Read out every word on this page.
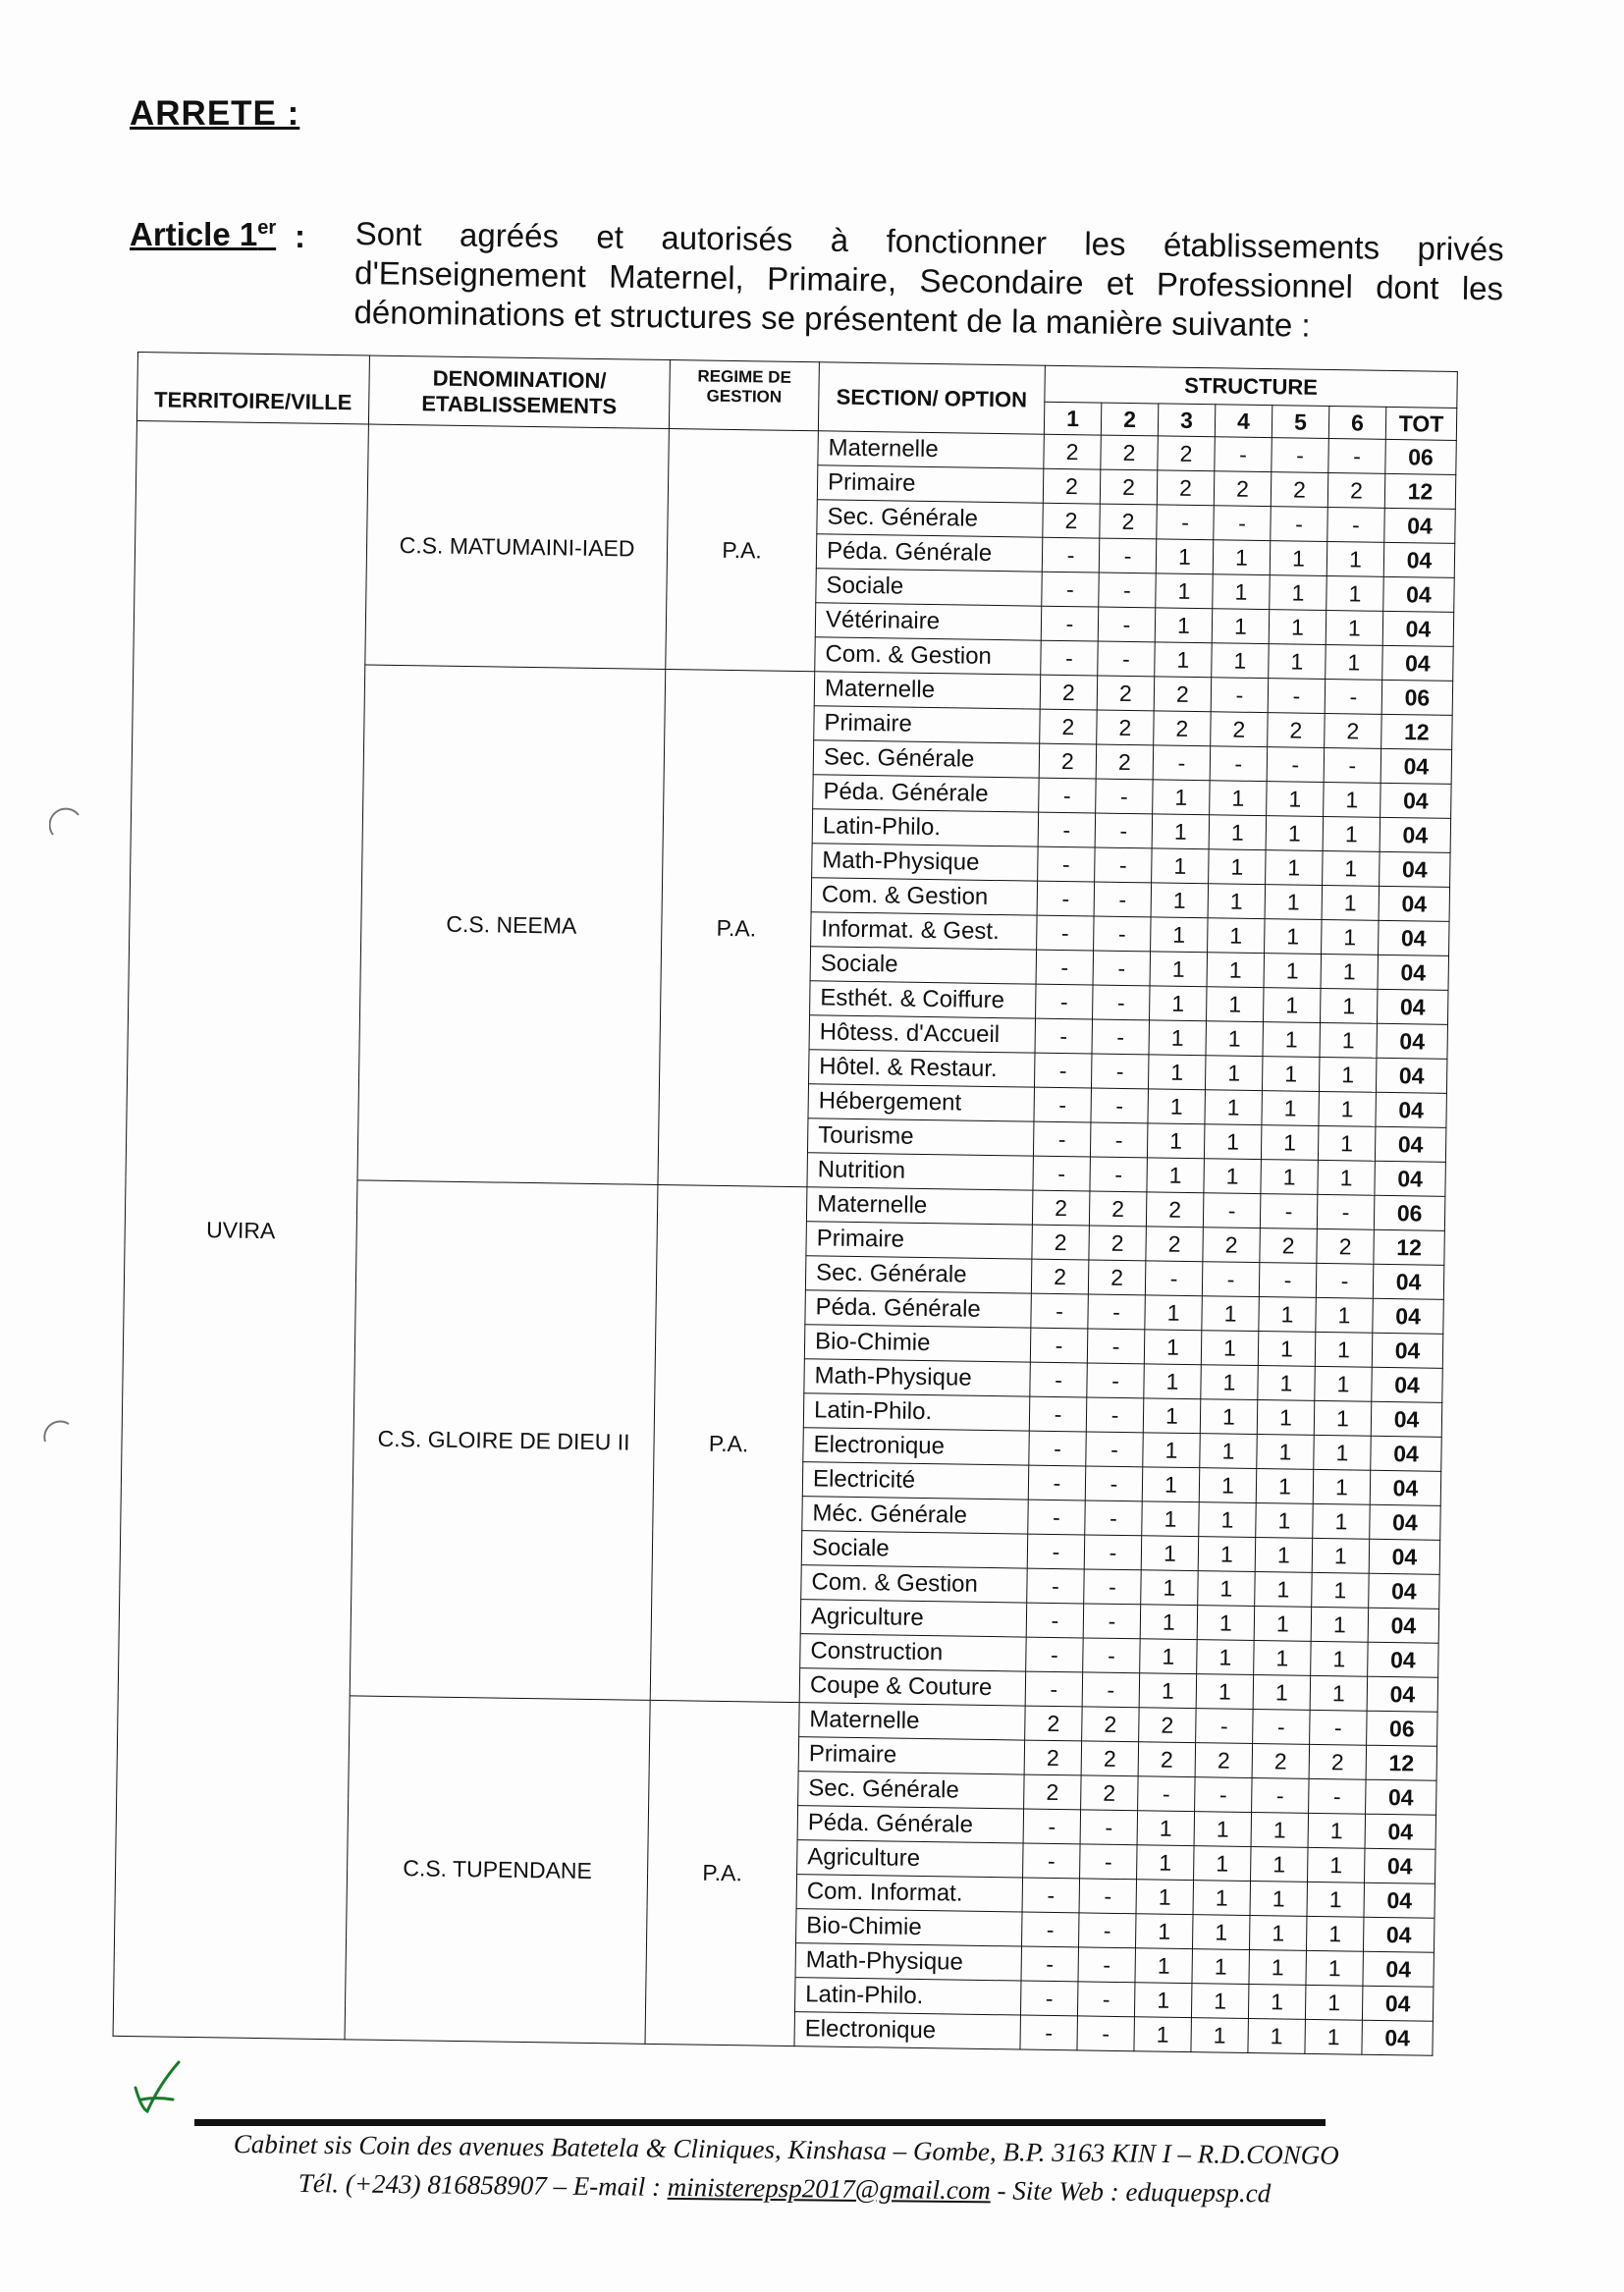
ARRETE :
Article 1er : Sont agréés et autorisés à fonctionner les établissements privés d'Enseignement Maternel, Primaire, Secondaire et Professionnel dont les dénominations et structures se présentent de la manière suivante :
TERRITOIRE/VILLE	DENOMINATION/ ETABLISSEMENTS	REGIME DE GESTION	SECTION/ OPTION	STRUCTURE						
				1	2	3	4	5	6	TOT
UVIRA	C.S. MATUMAINI-IAED	P.A.	Maternelle	2	2	2	-	-	-	06
			Primaire	2	2	2	2	2	2	12
			Sec. Générale	2	2	-	-	-	-	04
			Péda. Générale	-	-	1	1	1	1	04
			Sociale	-	-	1	1	1	1	04
			Vétérinaire	-	-	1	1	1	1	04
			Com. & Gestion	-	-	1	1	1	1	04
	C.S. NEEMA	P.A.	Maternelle	2	2	2	-	-	-	06
			Primaire	2	2	2	2	2	2	12
			Sec. Générale	2	2	-	-	-	-	04
			Péda. Générale	-	-	1	1	1	1	04
			Latin-Philo.	-	-	1	1	1	1	04
			Math-Physique	-	-	1	1	1	1	04
			Com. & Gestion	-	-	1	1	1	1	04
			Informat. & Gest.	-	-	1	1	1	1	04
			Sociale	-	-	1	1	1	1	04
			Esthét. & Coiffure	-	-	1	1	1	1	04
			Hôtess. d'Accueil	-	-	1	1	1	1	04
			Hôtel. & Restaur.	-	-	1	1	1	1	04
			Hébergement	-	-	1	1	1	1	04
			Tourisme	-	-	1	1	1	1	04
			Nutrition	-	-	1	1	1	1	04
	C.S. GLOIRE DE DIEU II	P.A.	Maternelle	2	2	2	-	-	-	06
			Primaire	2	2	2	2	2	2	12
			Sec. Générale	2	2	-	-	-	-	04
			Péda. Générale	-	-	1	1	1	1	04
			Bio-Chimie	-	-	1	1	1	1	04
			Math-Physique	-	-	1	1	1	1	04
			Latin-Philo.	-	-	1	1	1	1	04
			Electronique	-	-	1	1	1	1	04
			Electricité	-	-	1	1	1	1	04
			Méc. Générale	-	-	1	1	1	1	04
			Sociale	-	-	1	1	1	1	04
			Com. & Gestion	-	-	1	1	1	1	04
			Agriculture	-	-	1	1	1	1	04
			Construction	-	-	1	1	1	1	04
			Coupe & Couture	-	-	1	1	1	1	04
	C.S. TUPENDANE	P.A.	Maternelle	2	2	2	-	-	-	06
			Primaire	2	2	2	2	2	2	12
			Sec. Générale	2	2	-	-	-	-	04
			Péda. Générale	-	-	1	1	1	1	04
			Agriculture	-	-	1	1	1	1	04
			Com. Informat.	-	-	1	1	1	1	04
			Bio-Chimie	-	-	1	1	1	1	04
			Math-Physique	-	-	1	1	1	1	04
			Latin-Philo.	-	-	1	1	1	1	04
			Electronique	-	-	1	1	1	1	04
Cabinet sis Coin des avenues Batetela & Cliniques, Kinshasa – Gombe, B.P. 3163 KIN I – R.D.CONGO
Tél. (+243) 816858907 – E-mail : ministerepsp2017@gmail.com - Site Web : eduquepsp.cd
